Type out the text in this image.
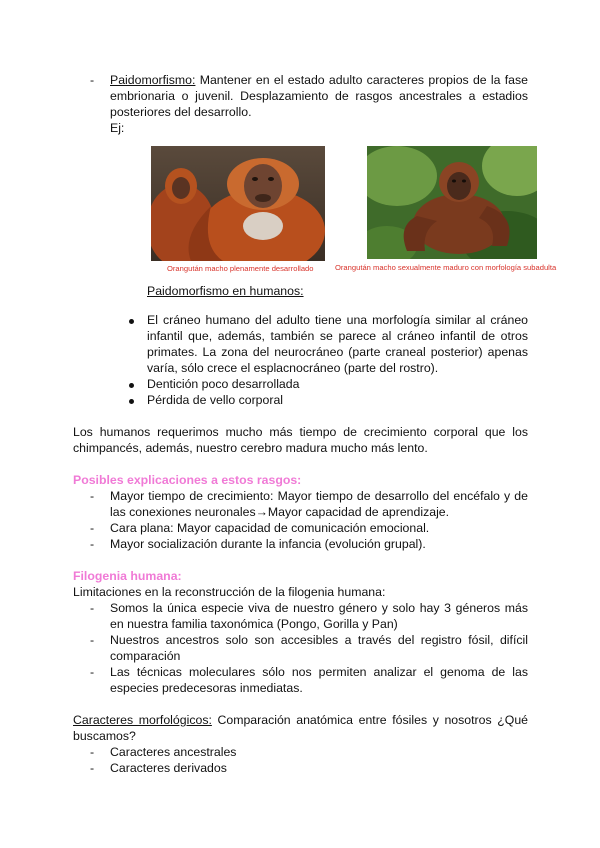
-	Paidomorfismo: Mantener en el estado adulto caracteres propios de la fase embrionaria o juvenil. Desplazamiento de rasgos ancestrales a estadios posteriores del desarrollo.
Ej:
Orangután macho plenamente desarrollado	Orangután macho sexualmente maduro con morfología subadulta
Paidomorfismo en humanos:
El cráneo humano del adulto tiene una morfología similar al cráneo infantil que, además, también se parece al cráneo infantil de otros primates. La zona del neurocráneo (parte craneal posterior) apenas varía, sólo crece el esplacnocráneo (parte del rostro).
Dentición poco desarrollada
Pérdida de vello corporal
Los humanos requerimos mucho más tiempo de crecimiento corporal que los chimpancés, además, nuestro cerebro madura mucho más lento.
Posibles explicaciones a estos rasgos:
-	Mayor tiempo de crecimiento: Mayor tiempo de desarrollo del encéfalo y de las conexiones neuronales→Mayor capacidad de aprendizaje.
-	Cara plana: Mayor capacidad de comunicación emocional.
-	Mayor socialización durante la infancia (evolución grupal).
Filogenia humana:
Limitaciones en la reconstrucción de la filogenia humana:
-	Somos la única especie viva de nuestro género y solo hay 3 géneros más en nuestra familia taxonómica (Pongo, Gorilla y Pan)
-	Nuestros ancestros solo son accesibles a través del registro fósil, difícil comparación
-	Las técnicas moleculares sólo nos permiten analizar el genoma de las especies predecesoras inmediatas.
Caracteres morfológicos: Comparación anatómica entre fósiles y nosotros ¿Qué buscamos?
-	Caracteres ancestrales
-	Caracteres derivados
